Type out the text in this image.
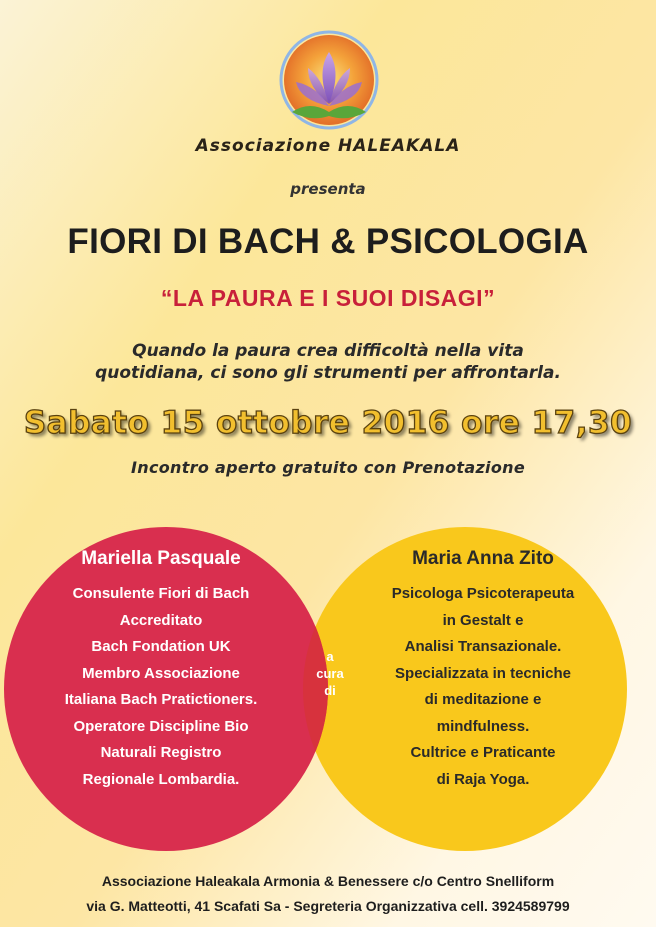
Associazione HALEAKALA
presenta
FIORI DI BACH & PSICOLOGIA
“LA PAURA E I SUOI DISAGI”
Quando la paura crea difficoltà nella vita
quotidiana, ci sono gli strumenti per affrontarla.
Sabato 15 ottobre 2016 ore 17,30
Incontro aperto gratuito con Prenotazione
Mariella Pasquale
Consulente Fiori di Bach
Accreditato
Bach Fondation UK
Membro Associazione
Italiana Bach Pratictioners.
Operatore Discipline Bio
Naturali Registro
Regionale Lombardia.
a
cura
di
Maria Anna Zito
Psicologa Psicoterapeuta
in Gestalt e
Analisi Transazionale.
Specializzata in tecniche
di meditazione e
mindfulness.
Cultrice e Praticante
di Raja Yoga.
Associazione Haleakala Armonia & Benessere c/o Centro Snelliform
via G. Matteotti, 41 Scafati Sa - Segreteria Organizzativa cell. 3924589799
